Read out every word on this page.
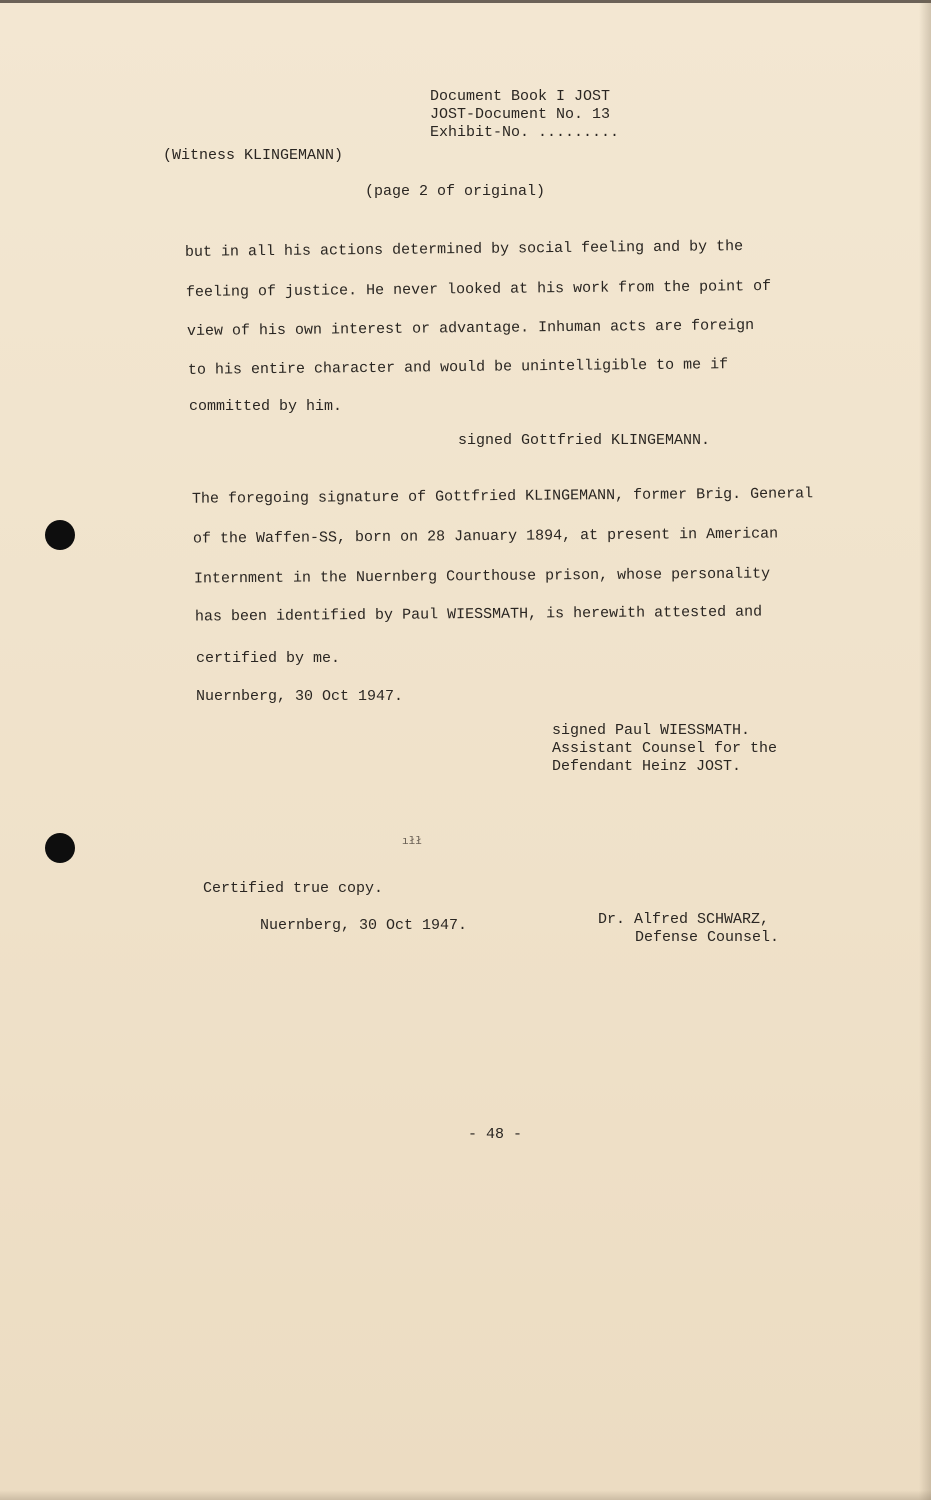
Document Book I JOST
JOST-Document No. 13
Exhibit-No. .........
(Witness KLINGEMANN)
(page 2 of original)
but in all his actions determined by social feeling and by the
feeling of justice. He never looked at his work from the point of
view of his own interest or advantage. Inhuman acts are foreign
to his entire character and would be unintelligible to me if
committed by him.
signed Gottfried KLINGEMANN.
The foregoing signature of Gottfried KLINGEMANN, former Brig. General
of the Waffen-SS, born on 28 January 1894, at present in American
Internment in the Nuernberg Courthouse prison, whose personality
has been identified by Paul WIESSMATH, is herewith attested and
certified by me.
Nuernberg, 30 Oct 1947.
signed Paul WIESSMATH.
Assistant Counsel for the
Defendant Heinz JOST.
ıłł
Certified true copy.
Nuernberg, 30 Oct 1947.	Dr. Alfred SCHWARZ,
Defense Counsel.
- 48 -
